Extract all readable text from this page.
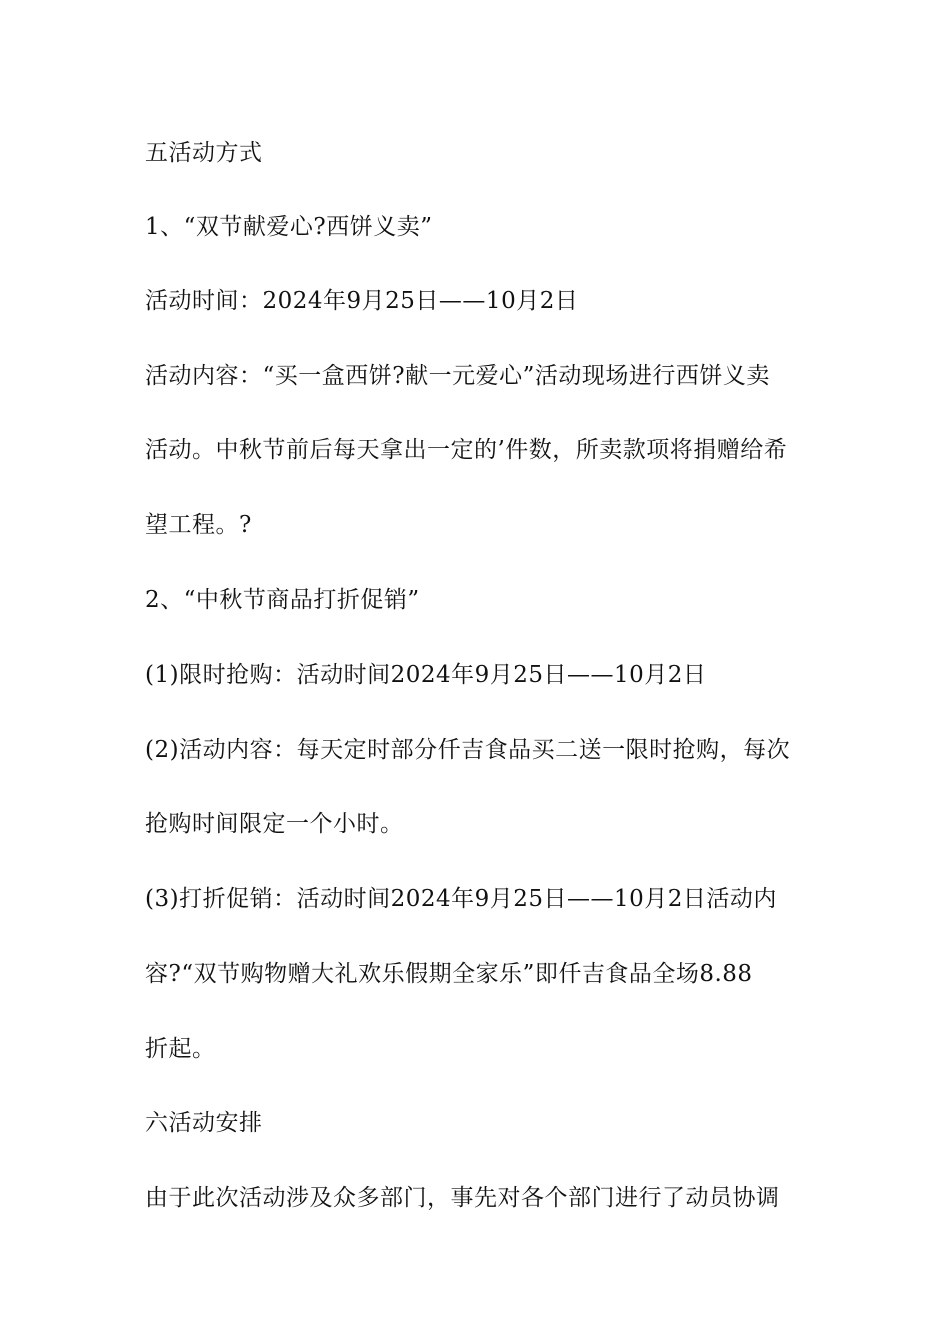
五活动方式
1、“双节献爱心?西饼义卖”
活动时间：2024年9月25日——10月2日
活动内容：“买一盒西饼?献一元爱心”活动现场进行西饼义卖
活动。中秋节前后每天拿出一定的’件数，所卖款项将捐赠给希
望工程。?
2、“中秋节商品打折促销”
(1)限时抢购：活动时间2024年9月25日——10月2日
(2)活动内容：每天定时部分仟吉食品买二送一限时抢购，每次
抢购时间限定一个小时。
(3)打折促销：活动时间2024年9月25日——10月2日活动内
容?“双节购物赠大礼欢乐假期全家乐”即仟吉食品全场8.88
折起。
六活动安排
由于此次活动涉及众多部门，事先对各个部门进行了动员协调
